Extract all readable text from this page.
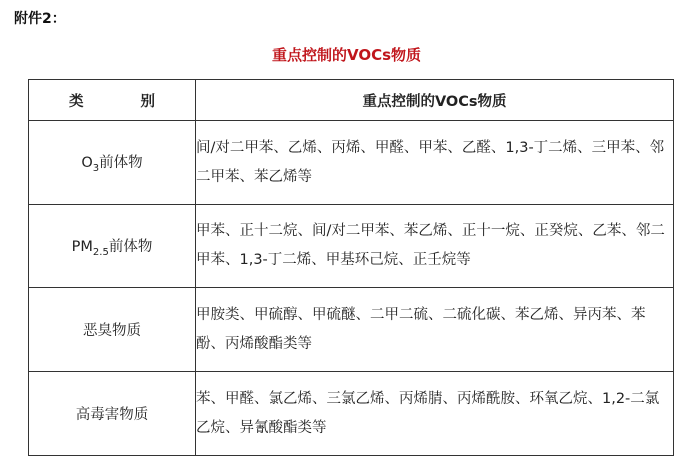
附件2：
重点控制的VOCs物质
类 别	重点控制的VOCs物质
$O_3$前体物	间/对二甲苯、乙烯、丙烯、甲醛、甲苯、乙醛、1,3-丁二烯、三甲苯、邻二甲苯、苯乙烯等
$PM_{2.5}$前体物	甲苯、正十二烷、间/对二甲苯、苯乙烯、正十一烷、正癸烷、乙苯、邻二甲苯、1,3-丁二烯、甲基环己烷、正壬烷等
恶臭物质	甲胺类、甲硫醇、甲硫醚、二甲二硫、二硫化碳、苯乙烯、异丙苯、苯酚、丙烯酸酯类等
高毒害物质	苯、甲醛、氯乙烯、三氯乙烯、丙烯腈、丙烯酰胺、环氧乙烷、1,2-二氯乙烷、异氰酸酯类等
